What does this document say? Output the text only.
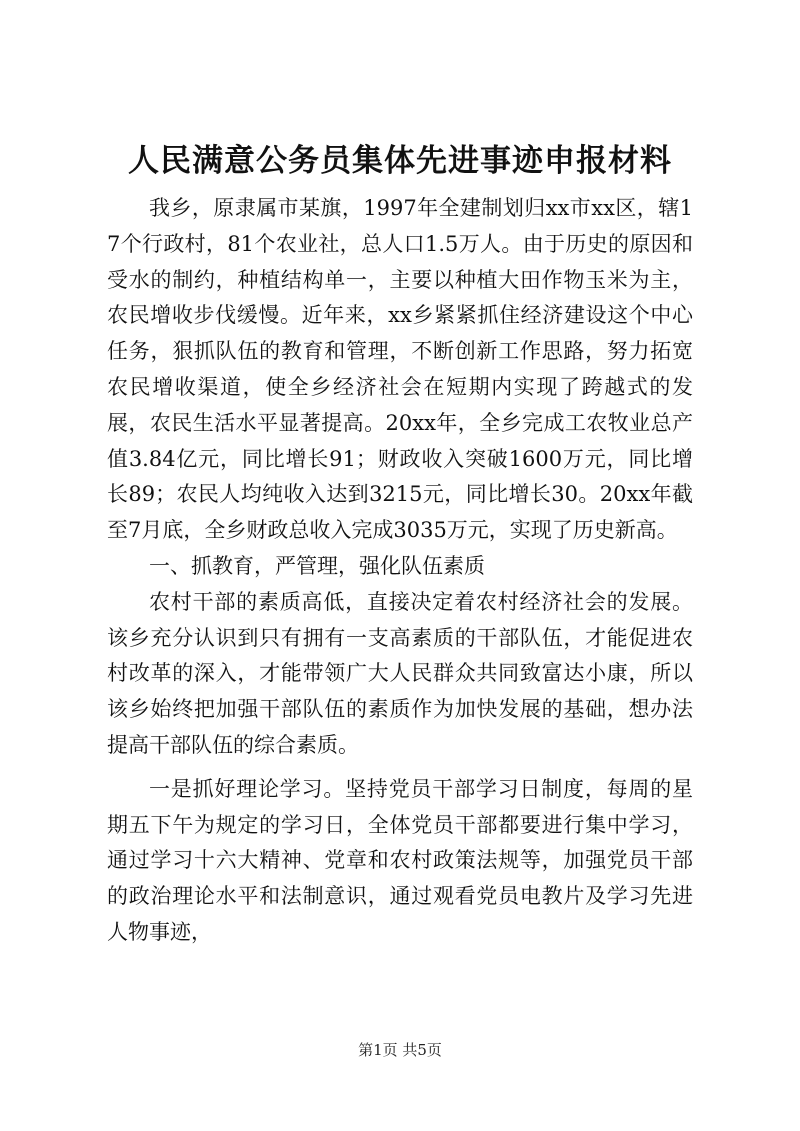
人民满意公务员集体先进事迹申报材料

我乡，原隶属市某旗，1997年全建制划归xx市xx区，辖17个行政村，81个农业社，总人口1.5万人。由于历史的原因和受水的制约，种植结构单一，主要以种植大田作物玉米为主，农民增收步伐缓慢。近年来，xx乡紧紧抓住经济建设这个中心任务，狠抓队伍的教育和管理，不断创新工作思路，努力拓宽农民增收渠道，使全乡经济社会在短期内实现了跨越式的发展，农民生活水平显著提高。20xx年，全乡完成工农牧业总产值3.84亿元，同比增长91；财政收入突破1600万元，同比增长89；农民人均纯收入达到3215元，同比增长30。20xx年截至7月底，全乡财政总收入完成3035万元，实现了历史新高。

一、抓教育，严管理，强化队伍素质

农村干部的素质高低，直接决定着农村经济社会的发展。该乡充分认识到只有拥有一支高素质的干部队伍，才能促进农村改革的深入，才能带领广大人民群众共同致富达小康，所以该乡始终把加强干部队伍的素质作为加快发展的基础，想办法提高干部队伍的综合素质。

一是抓好理论学习。坚持党员干部学习日制度，每周的星期五下午为规定的学习日，全体党员干部都要进行集中学习，通过学习十六大精神、党章和农村政策法规等，加强党员干部的政治理论水平和法制意识，通过观看党员电教片及学习先进人物事迹，

第1页 共5页
